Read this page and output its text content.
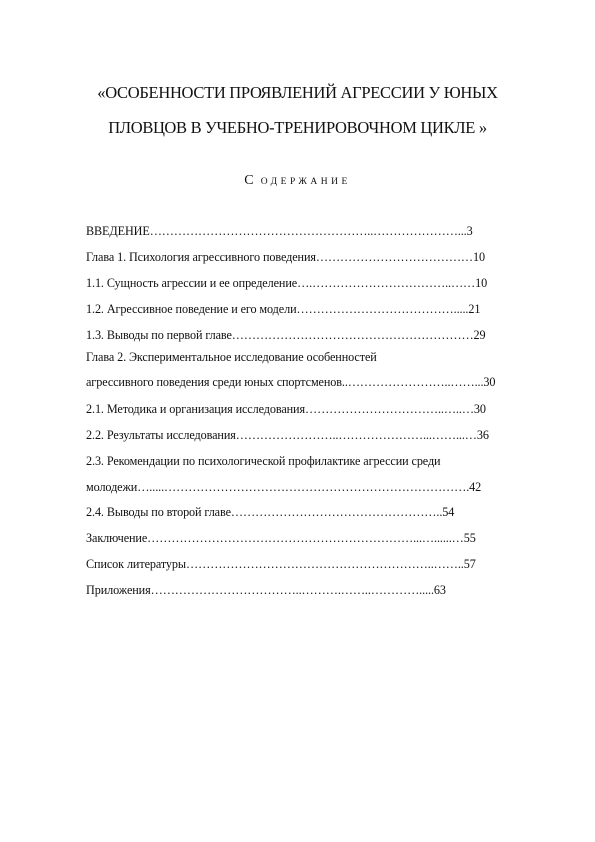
«ОСОБЕННОСТИ ПРОЯВЛЕНИЙ АГРЕССИИ У ЮНЫХ
ПЛОВЦОВ В УЧЕБНО-ТРЕНИРОВОЧНОМ ЦИКЛЕ »
С ОДЕРЖАНИЕ
ВВЕДЕНИЕ………………………………………………..…………………...3
Глава 1. Психология агрессивного поведения…………………………………10
1.1. Сущность агрессии и ее определение….……………………………..……10
1.2. Агрессивное поведение и его модели………………………………….....21
1.3. Выводы по первой главе……………………………………………………29
Глава 2. Экспериментальное исследование особенностей
агрессивного поведения среди юных спортсменов..……………………..……...30
2.1. Методика и организация исследования……………………………..…..…30
2.2. Результаты исследования……………………..…………………...……...…36
2.3. Рекомендации по психологической профилактике агрессии среди
молодежи….....………………………………………………………………….42
2.4. Выводы по второй главе……………………………………………..54
Заключение…………………………………………………………...…......…55
Список литературы……………………………………………………..……..57
Приложения………………………………..……….……..………….....63
